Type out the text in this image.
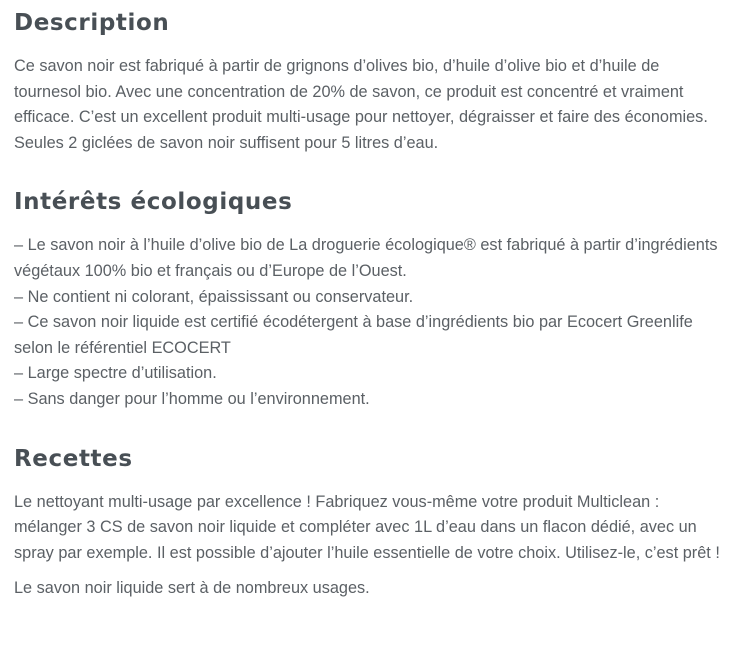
Description

Ce savon noir est fabriqué à partir de grignons d’olives bio, d’huile d’olive bio et d’huile de tournesol bio. Avec une concentration de 20% de savon, ce produit est concentré et vraiment efficace. C’est un excellent produit multi-usage pour nettoyer, dégraisser et faire des économies. Seules 2 giclées de savon noir suffisent pour 5 litres d’eau.

Intérêts écologiques

– Le savon noir à l’huile d’olive bio de La droguerie écologique® est fabriqué à partir d’ingrédients végétaux 100% bio et français ou d’Europe de l’Ouest.
– Ne contient ni colorant, épaississant ou conservateur.
– Ce savon noir liquide est certifié écodétergent à base d’ingrédients bio par Ecocert Greenlife selon le référentiel ECOCERT
– Large spectre d’utilisation.
– Sans danger pour l’homme ou l’environnement.

Recettes

Le nettoyant multi-usage par excellence ! Fabriquez vous-même votre produit Multiclean : mélanger 3 CS de savon noir liquide et compléter avec 1L d’eau dans un flacon dédié, avec un spray par exemple. Il est possible d’ajouter l’huile essentielle de votre choix. Utilisez-le, c’est prêt !

Le savon noir liquide sert à de nombreux usages.
